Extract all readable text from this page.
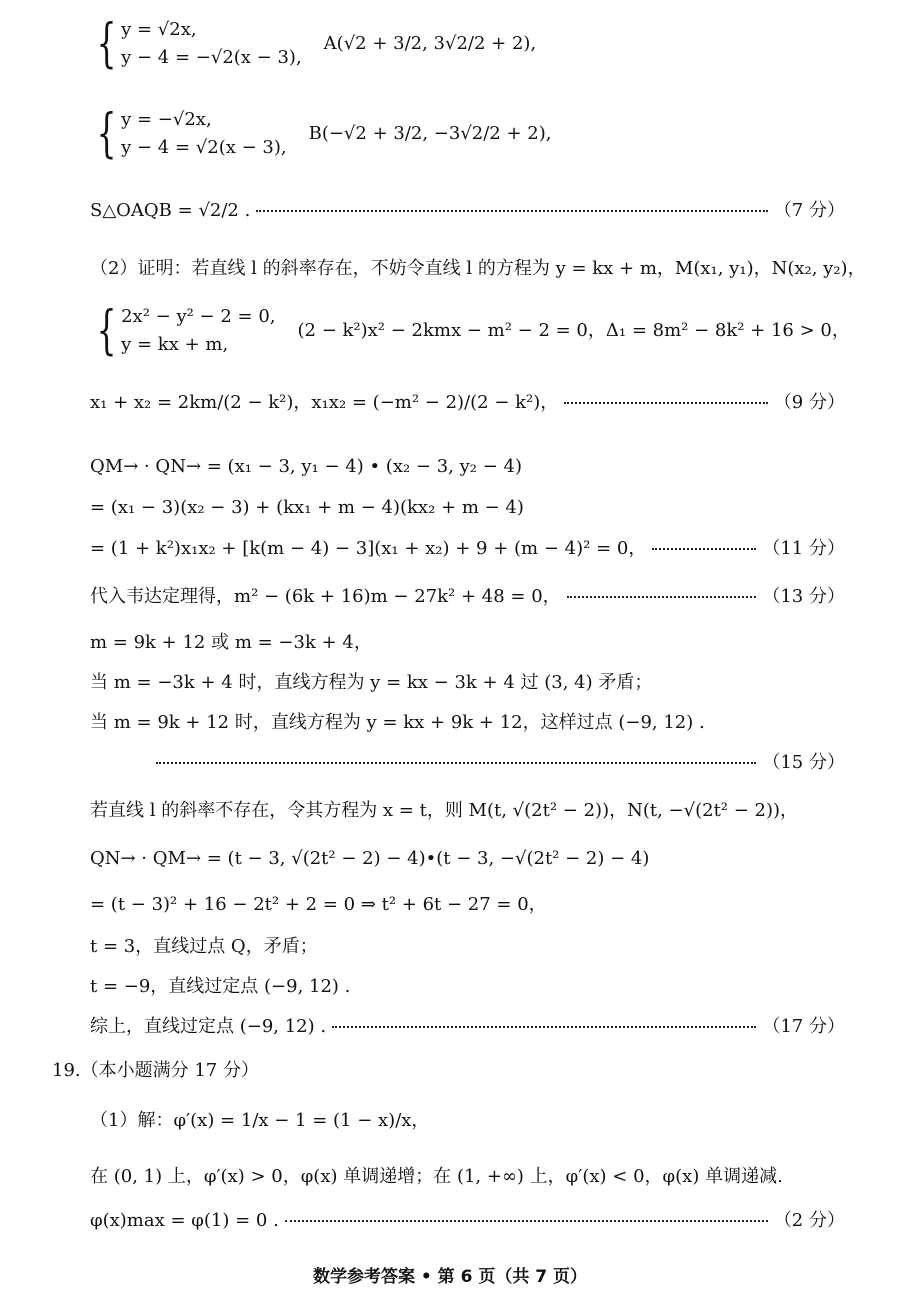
{ y = √2x,
y − 4 = −√2(x − 3),
A(√2 + 3/2, 3√2/2 + 2),
{ y = −√2x,
y − 4 = √2(x − 3),
B(−√2 + 3/2, −3√2/2 + 2),
S△OAQB = √2/2 .	（7 分）
（2）证明：若直线 l 的斜率存在，不妨令直线 l 的方程为 y = kx + m，M(x₁, y₁)，N(x₂, y₂)，
{ 2x² − y² − 2 = 0,
y = kx + m,
(2 − k²)x² − 2kmx − m² − 2 = 0，Δ₁ = 8m² − 8k² + 16 > 0，
x₁ + x₂ = 2km/(2 − k²)，x₁x₂ = (−m² − 2)/(2 − k²)，	（9 分）
QM→ · QN→ = (x₁ − 3, y₁ − 4) • (x₂ − 3, y₂ − 4)
= (x₁ − 3)(x₂ − 3) + (kx₁ + m − 4)(kx₂ + m − 4)
= (1 + k²)x₁x₂ + [k(m − 4) − 3](x₁ + x₂) + 9 + (m − 4)² = 0，	（11 分）
代入韦达定理得，m² − (6k + 16)m − 27k² + 48 = 0，	（13 分）
m = 9k + 12 或 m = −3k + 4，
当 m = −3k + 4 时，直线方程为 y = kx − 3k + 4 过 (3, 4) 矛盾；
当 m = 9k + 12 时，直线方程为 y = kx + 9k + 12，这样过点 (−9, 12) .
（15 分）
若直线 l 的斜率不存在，令其方程为 x = t，则 M(t, √(2t² − 2))，N(t, −√(2t² − 2))，
QN→ · QM→ = (t − 3, √(2t² − 2) − 4)•(t − 3, −√(2t² − 2) − 4)
= (t − 3)² + 16 − 2t² + 2 = 0 ⇒ t² + 6t − 27 = 0，
t = 3，直线过点 Q，矛盾；
t = −9，直线过定点 (−9, 12) .
综上，直线过定点 (−9, 12) .	（17 分）
19.（本小题满分 17 分）
（1）解：φ′(x) = 1/x − 1 = (1 − x)/x，
在 (0, 1) 上，φ′(x) > 0，φ(x) 单调递增；在 (1, +∞) 上，φ′(x) < 0，φ(x) 单调递减.
φ(x)max = φ(1) = 0 .	（2 分）
数学参考答案 • 第 6 页（共 7 页）
